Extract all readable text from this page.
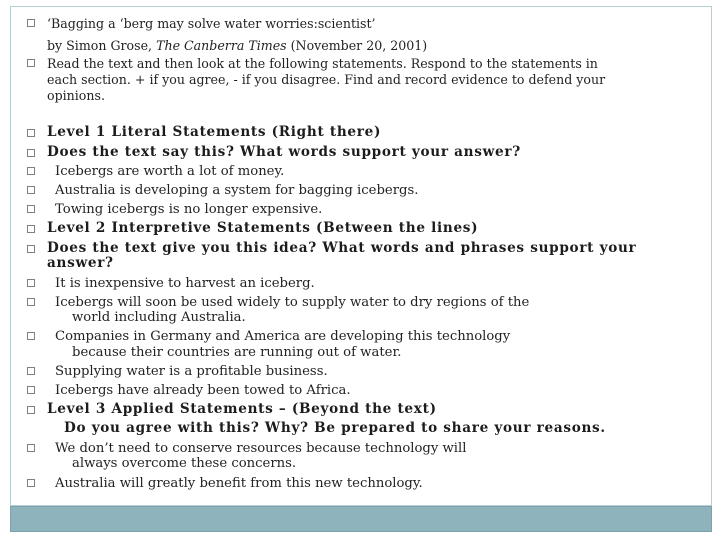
‘Bagging a ‘berg may solve water worries:scientist’
by Simon Grose, The Canberra Times (November 20, 2001)
Read the text and then look at the following statements. Respond to the statements in
each section. + if you agree, - if you disagree. Find and record evidence to defend your
opinions.
Level 1 Literal Statements (Right there)
Does the text say this? What words support your answer?
Icebergs are worth a lot of money.
Australia is developing a system for bagging icebergs.
Towing icebergs is no longer expensive.
Level 2 Interpretive Statements (Between the lines)
Does the text give you this idea? What words and phrases support your
answer?
It is inexpensive to harvest an iceberg.
Icebergs will soon be used widely to supply water to dry regions of the
world including Australia.
Companies in Germany and America are developing this technology
because their countries are running out of water.
Supplying water is a profitable business.
Icebergs have already been towed to Africa.
Level 3 Applied Statements – (Beyond the text)
Do you agree with this? Why? Be prepared to share your reasons.
We don’t need to conserve resources because technology will
always overcome these concerns.
Australia will greatly benefit from this new technology.
